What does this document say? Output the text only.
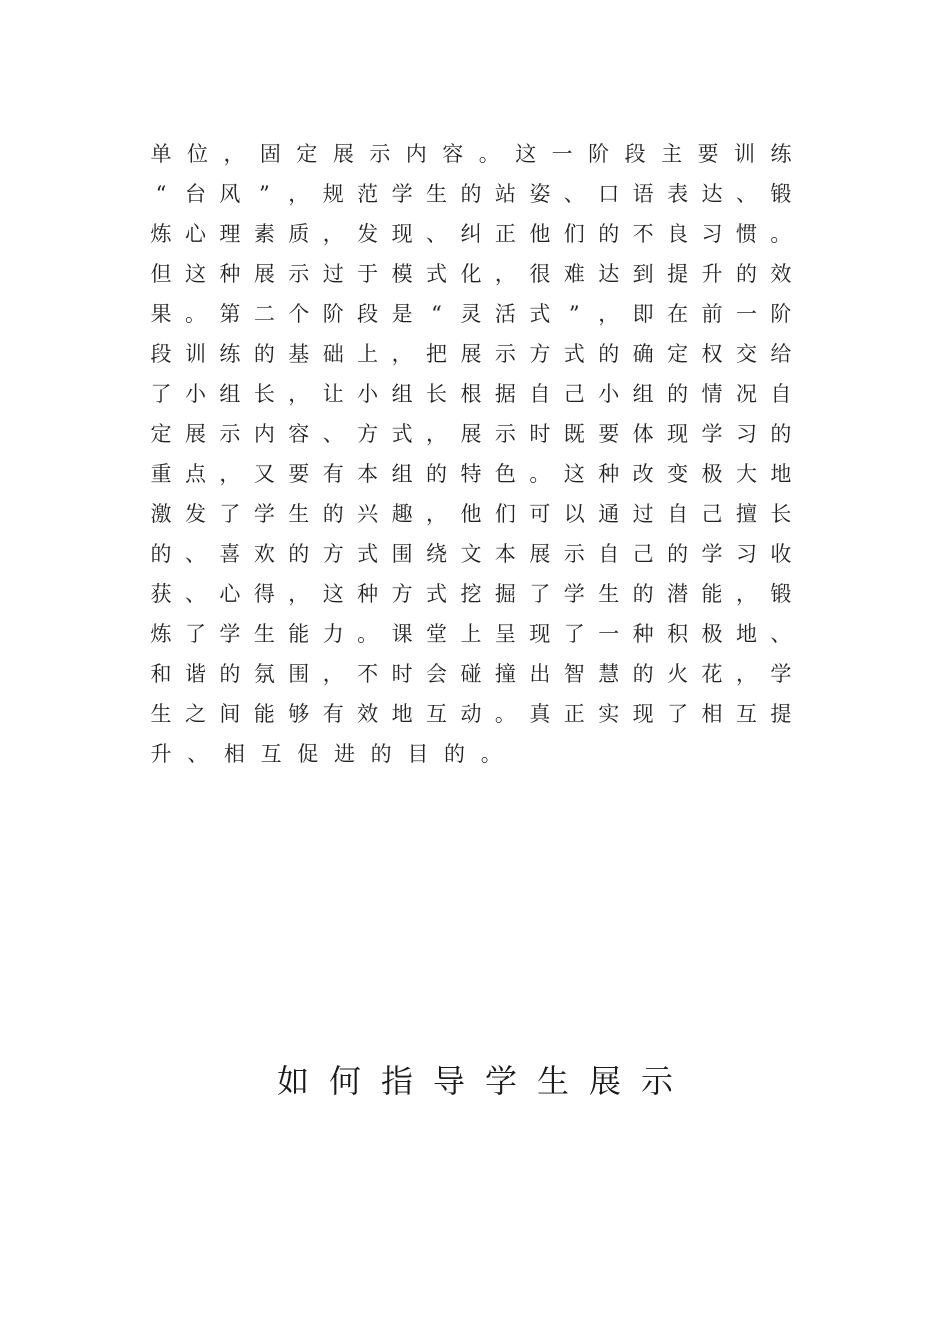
单 位 ， 固 定 展 示 内 容 。 这 一 阶 段 主 要 训 练
“ 台 风 ” ， 规 范 学 生 的 站 姿 、 口 语 表 达 、 锻
炼 心 理 素 质 ， 发 现 、 纠 正 他 们 的 不 良 习 惯 。
但 这 种 展 示 过 于 模 式 化 ， 很 难 达 到 提 升 的 效
果 。 第 二 个 阶 段 是 “ 灵 活 式 ” ， 即 在 前 一 阶
段 训 练 的 基 础 上 ， 把 展 示 方 式 的 确 定 权 交 给
了 小 组 长 ， 让 小 组 长 根 据 自 己 小 组 的 情 况 自
定 展 示 内 容 、 方 式 ， 展 示 时 既 要 体 现 学 习 的
重 点 ， 又 要 有 本 组 的 特 色 。 这 种 改 变 极 大 地
激 发 了 学 生 的 兴 趣 ， 他 们 可 以 通 过 自 己 擅 长
的 、 喜 欢 的 方 式 围 绕 文 本 展 示 自 己 的 学 习 收
获 、 心 得 ， 这 种 方 式 挖 掘 了 学 生 的 潜 能 ， 锻
炼 了 学 生 能 力 。 课 堂 上 呈 现 了 一 种 积 极 地 、
和 谐 的 氛 围 ， 不 时 会 碰 撞 出 智 慧 的 火 花 ， 学
生 之 间 能 够 有 效 地 互 动 。 真 正 实 现 了 相 互 提
升 、 相 互 促 进 的 目 的 。
如 何 指 导 学 生 展 示
